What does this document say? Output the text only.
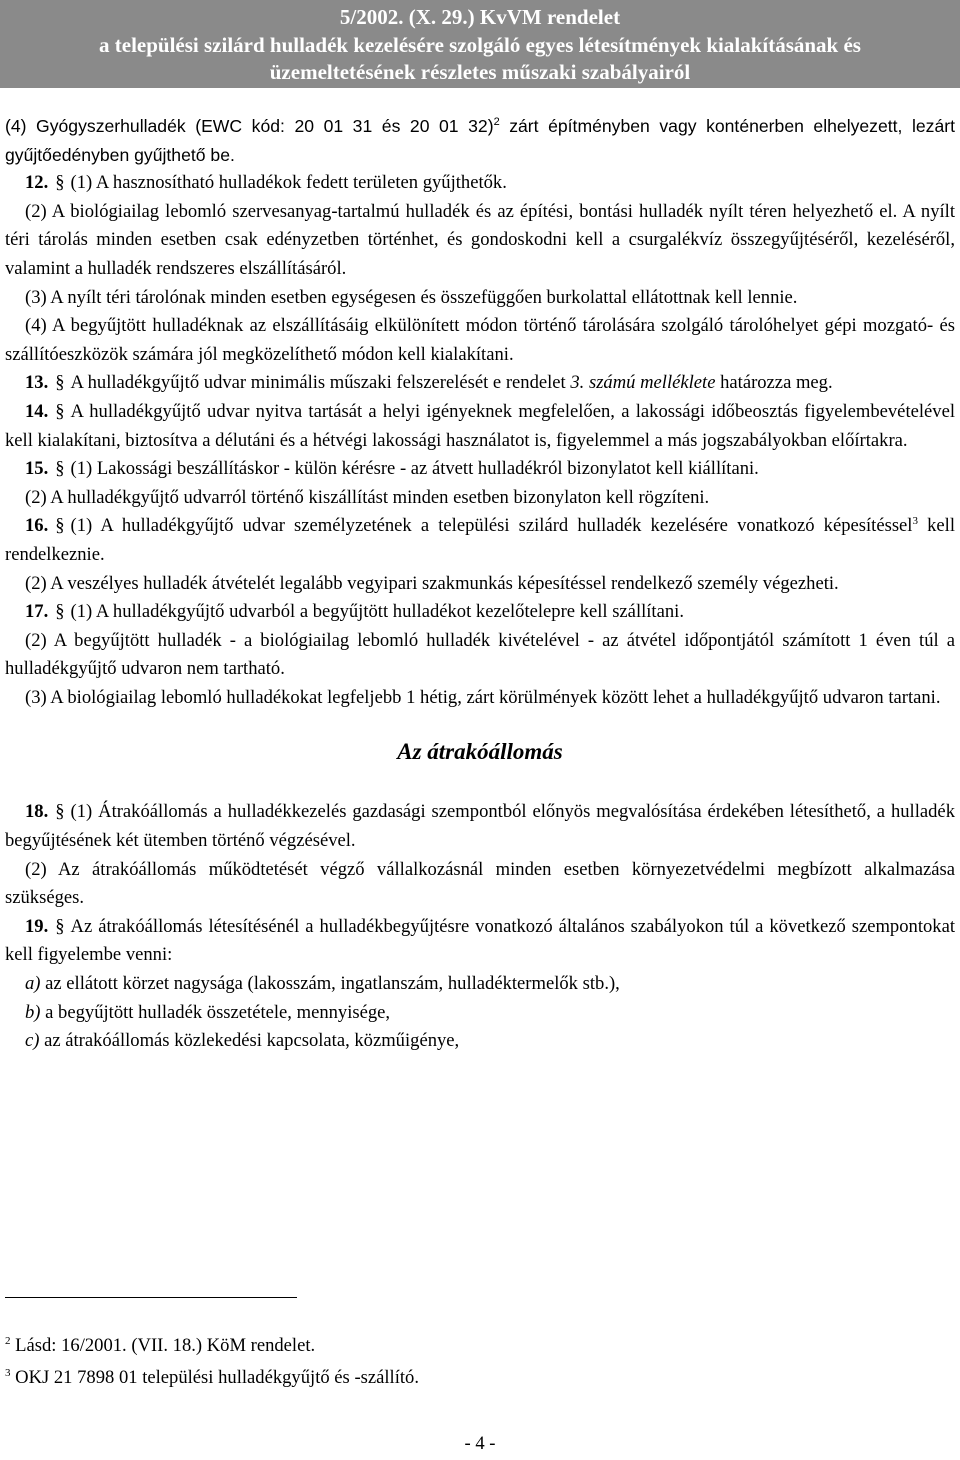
5/2002. (X. 29.) KvVM rendelet
a települési szilárd hulladék kezelésére szolgáló egyes létesítmények kialakításának és
üzemeltetésének részletes műszaki szabályairól

(4) Gyógyszerhulladék (EWC kód: 20 01 31 és 20 01 32)$^2$ zárt építményben vagy konténerben elhelyezett, lezárt gyűjtőedényben gyűjthető be.

12. § (1) A hasznosítható hulladékok fedett területen gyűjthetők.

(2) A biológiailag lebomló szervesanyag-tartalmú hulladék és az építési, bontási hulladék nyílt téren helyezhető el. A nyílt téri tárolás minden esetben csak edényzetben történhet, és gondoskodni kell a csurgalékvíz összegyűjtéséről, kezeléséről, valamint a hulladék rendszeres elszállításáról.

(3) A nyílt téri tárolónak minden esetben egységesen és összefüggően burkolattal ellátottnak kell lennie.

(4) A begyűjtött hulladéknak az elszállításáig elkülönített módon történő tárolására szolgáló tárolóhelyet gépi mozgató- és szállítóeszközök számára jól megközelíthető módon kell kialakítani.

13. § A hulladékgyűjtő udvar minimális műszaki felszerelését e rendelet 3. számú melléklete határozza meg.

14. § A hulladékgyűjtő udvar nyitva tartását a helyi igényeknek megfelelően, a lakossági időbeosztás figyelembevételével kell kialakítani, biztosítva a délutáni és a hétvégi lakossági használatot is, figyelemmel a más jogszabályokban előírtakra.

15. § (1) Lakossági beszállításkor - külön kérésre - az átvett hulladékról bizonylatot kell kiállítani.

(2) A hulladékgyűjtő udvarról történő kiszállítást minden esetben bizonylaton kell rögzíteni.

16. § (1) A hulladékgyűjtő udvar személyzetének a települési szilárd hulladék kezelésére vonatkozó képesítéssel$^3$ kell rendelkeznie.

(2) A veszélyes hulladék átvételét legalább vegyipari szakmunkás képesítéssel rendelkező személy végezheti.

17. § (1) A hulladékgyűjtő udvarból a begyűjtött hulladékot kezelőtelepre kell szállítani.

(2) A begyűjtött hulladék - a biológiailag lebomló hulladék kivételével - az átvétel időpontjától számított 1 éven túl a hulladékgyűjtő udvaron nem tartható.

(3) A biológiailag lebomló hulladékokat legfeljebb 1 hétig, zárt körülmények között lehet a hulladékgyűjtő udvaron tartani.

Az átrakóállomás

18. § (1) Átrakóállomás a hulladékkezelés gazdasági szempontból előnyös megvalósítása érdekében létesíthető, a hulladék begyűjtésének két ütemben történő végzésével.

(2) Az átrakóállomás működtetését végző vállalkozásnál minden esetben környezetvédelmi megbízott alkalmazása szükséges.

19. § Az átrakóállomás létesítésénél a hulladékbegyűjtésre vonatkozó általános szabályokon túl a következő szempontokat kell figyelembe venni:

a) az ellátott körzet nagysága (lakosszám, ingatlanszám, hulladéktermelők stb.),

b) a begyűjtött hulladék összetétele, mennyisége,

c) az átrakóállomás közlekedési kapcsolata, közműigénye,

$^2$ Lásd: 16/2001. (VII. 18.) KöM rendelet.
$^3$ OKJ 21 7898 01 települési hulladékgyűjtő és -szállító.
- 4 -
